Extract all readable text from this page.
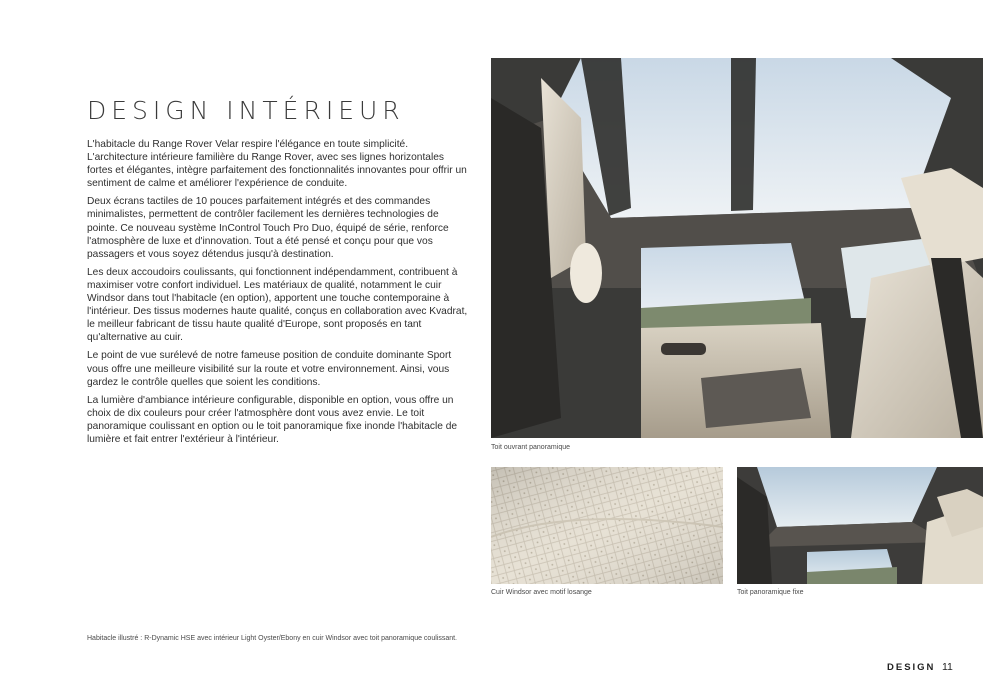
DESIGN INTÉRIEUR

L'habitacle du Range Rover Velar respire l'élégance en toute simplicité. L'architecture intérieure familière du Range Rover, avec ses lignes horizontales fortes et élégantes, intègre parfaitement des fonctionnalités innovantes pour offrir un sentiment de calme et améliorer l'expérience de conduite.

Deux écrans tactiles de 10 pouces parfaitement intégrés et des commandes minimalistes, permettent de contrôler facilement les dernières technologies de pointe. Ce nouveau système InControl Touch Pro Duo, équipé de série, renforce l'atmosphère de luxe et d'innovation. Tout a été pensé et conçu pour que vos passagers et vous soyez détendus jusqu'à destination.

Les deux accoudoirs coulissants, qui fonctionnent indépendamment, contribuent à maximiser votre confort individuel. Les matériaux de qualité, notamment le cuir Windsor dans tout l'habitacle (en option), apportent une touche contemporaine à l'intérieur. Des tissus modernes haute qualité, conçus en collaboration avec Kvadrat, le meilleur fabricant de tissu haute qualité d'Europe, sont proposés en tant qu'alternative au cuir.

Le point de vue surélevé de notre fameuse position de conduite dominante Sport vous offre une meilleure visibilité sur la route et votre environnement. Ainsi, vous gardez le contrôle quelles que soient les conditions.

La lumière d'ambiance intérieure configurable, disponible en option, vous offre un choix de dix couleurs pour créer l'atmosphère dont vous avez envie. Le toit panoramique coulissant en option ou le toit panoramique fixe inonde l'habitacle de lumière et fait entrer l'extérieur à l'intérieur.

Toit ouvrant panoramique
Cuir Windsor avec motif losange	Toit panoramique fixe
Habitacle illustré : R-Dynamic HSE avec intérieur Light Oyster/Ebony en cuir Windsor avec toit panoramique coulissant.
DESIGN 11
